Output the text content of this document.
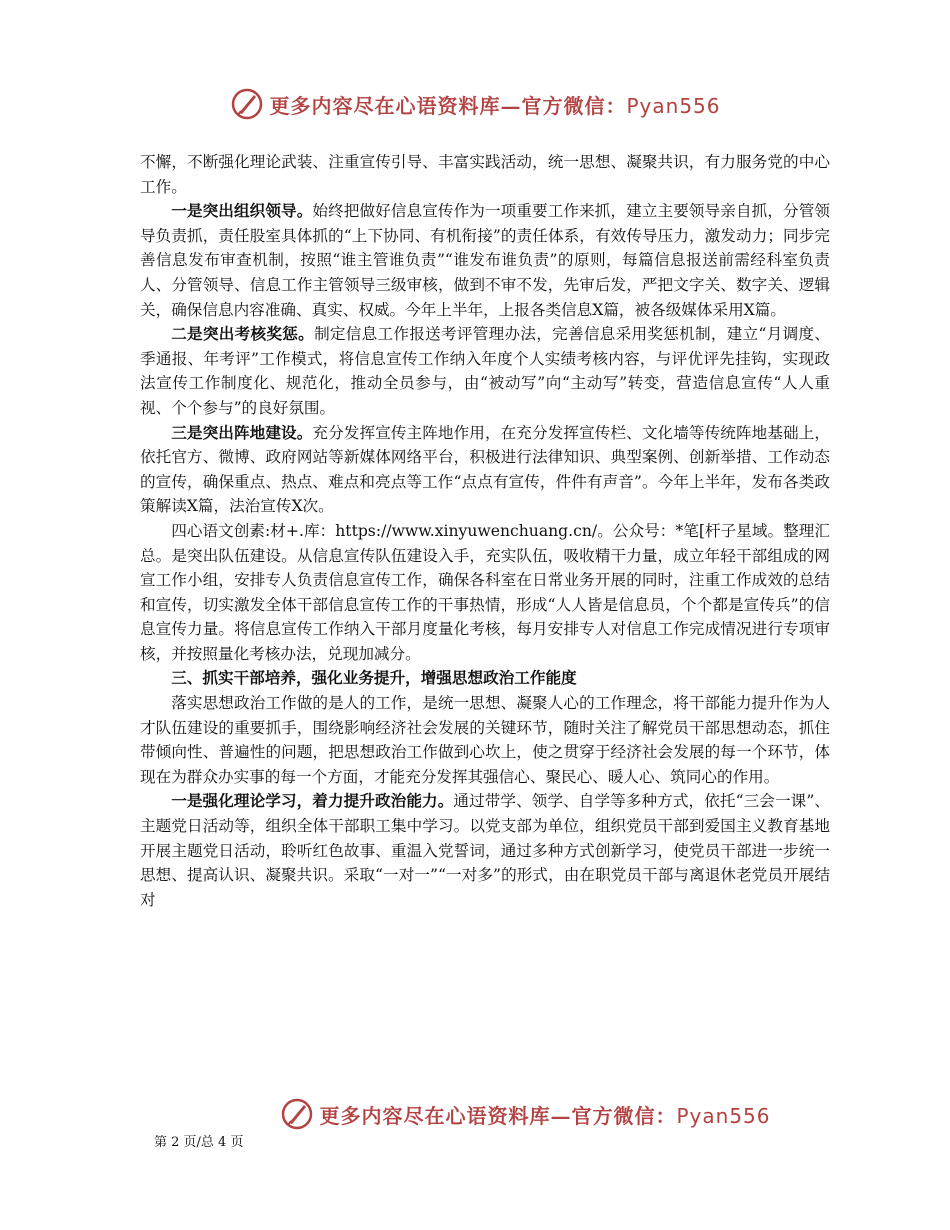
更多内容尽在心语资料库—官方微信：Pyan556

不懈，不断强化理论武装、注重宣传引导、丰富实践活动，统一思想、凝聚共识，有力服务党的中心工作。

一是突出组织领导。始终把做好信息宣传作为一项重要工作来抓，建立主要领导亲自抓，分管领导负责抓，责任股室具体抓的“上下协同、有机衔接”的责任体系，有效传导压力，激发动力；同步完善信息发布审查机制，按照“谁主管谁负责”“谁发布谁负责”的原则，每篇信息报送前需经科室负责人、分管领导、信息工作主管领导三级审核，做到不审不发，先审后发，严把文字关、数字关、逻辑关，确保信息内容准确、真实、权威。今年上半年，上报各类信息X篇，被各级媒体采用X篇。

二是突出考核奖惩。制定信息工作报送考评管理办法，完善信息采用奖惩机制，建立“月调度、季通报、年考评”工作模式，将信息宣传工作纳入年度个人实绩考核内容，与评优评先挂钩，实现政法宣传工作制度化、规范化，推动全员参与，由“被动写”向“主动写”转变，营造信息宣传“人人重视、个个参与”的良好氛围。

三是突出阵地建设。充分发挥宣传主阵地作用，在充分发挥宣传栏、文化墙等传统阵地基础上，依托官方、微博、政府网站等新媒体网络平台，积极进行法律知识、典型案例、创新举措、工作动态的宣传，确保重点、热点、难点和亮点等工作“点点有宣传，件件有声音”。今年上半年，发布各类政策解读X篇，法治宣传X次。

四心语文创素:材+.库：https://www.xinyuwenchuang.cn/。公众号：*笔[杆子星域。整理汇总。是突出队伍建设。从信息宣传队伍建设入手，充实队伍，吸收精干力量，成立年轻干部组成的网宣工作小组，安排专人负责信息宣传工作，确保各科室在日常业务开展的同时，注重工作成效的总结和宣传，切实激发全体干部信息宣传工作的干事热情，形成“人人皆是信息员，个个都是宣传兵”的信息宣传力量。将信息宣传工作纳入干部月度量化考核，每月安排专人对信息工作完成情况进行专项审核，并按照量化考核办法，兑现加减分。

三、抓实干部培养，强化业务提升，增强思想政治工作能度

落实思想政治工作做的是人的工作，是统一思想、凝聚人心的工作理念，将干部能力提升作为人才队伍建设的重要抓手，围绕影响经济社会发展的关键环节，随时关注了解党员干部思想动态，抓住带倾向性、普遍性的问题，把思想政治工作做到心坎上，使之贯穿于经济社会发展的每一个环节，体现在为群众办实事的每一个方面，才能充分发挥其强信心、聚民心、暖人心、筑同心的作用。

一是强化理论学习，着力提升政治能力。通过带学、领学、自学等多种方式，依托“三会一课”、主题党日活动等，组织全体干部职工集中学习。以党支部为单位，组织党员干部到爱国主义教育基地开展主题党日活动，聆听红色故事、重温入党誓词，通过多种方式创新学习，使党员干部进一步统一思想、提高认识、凝聚共识。采取“一对一”“一对多”的形式，由在职党员干部与离退休老党员开展结对

更多内容尽在心语资料库—官方微信：Pyan556
第 2 页/总 4 页
